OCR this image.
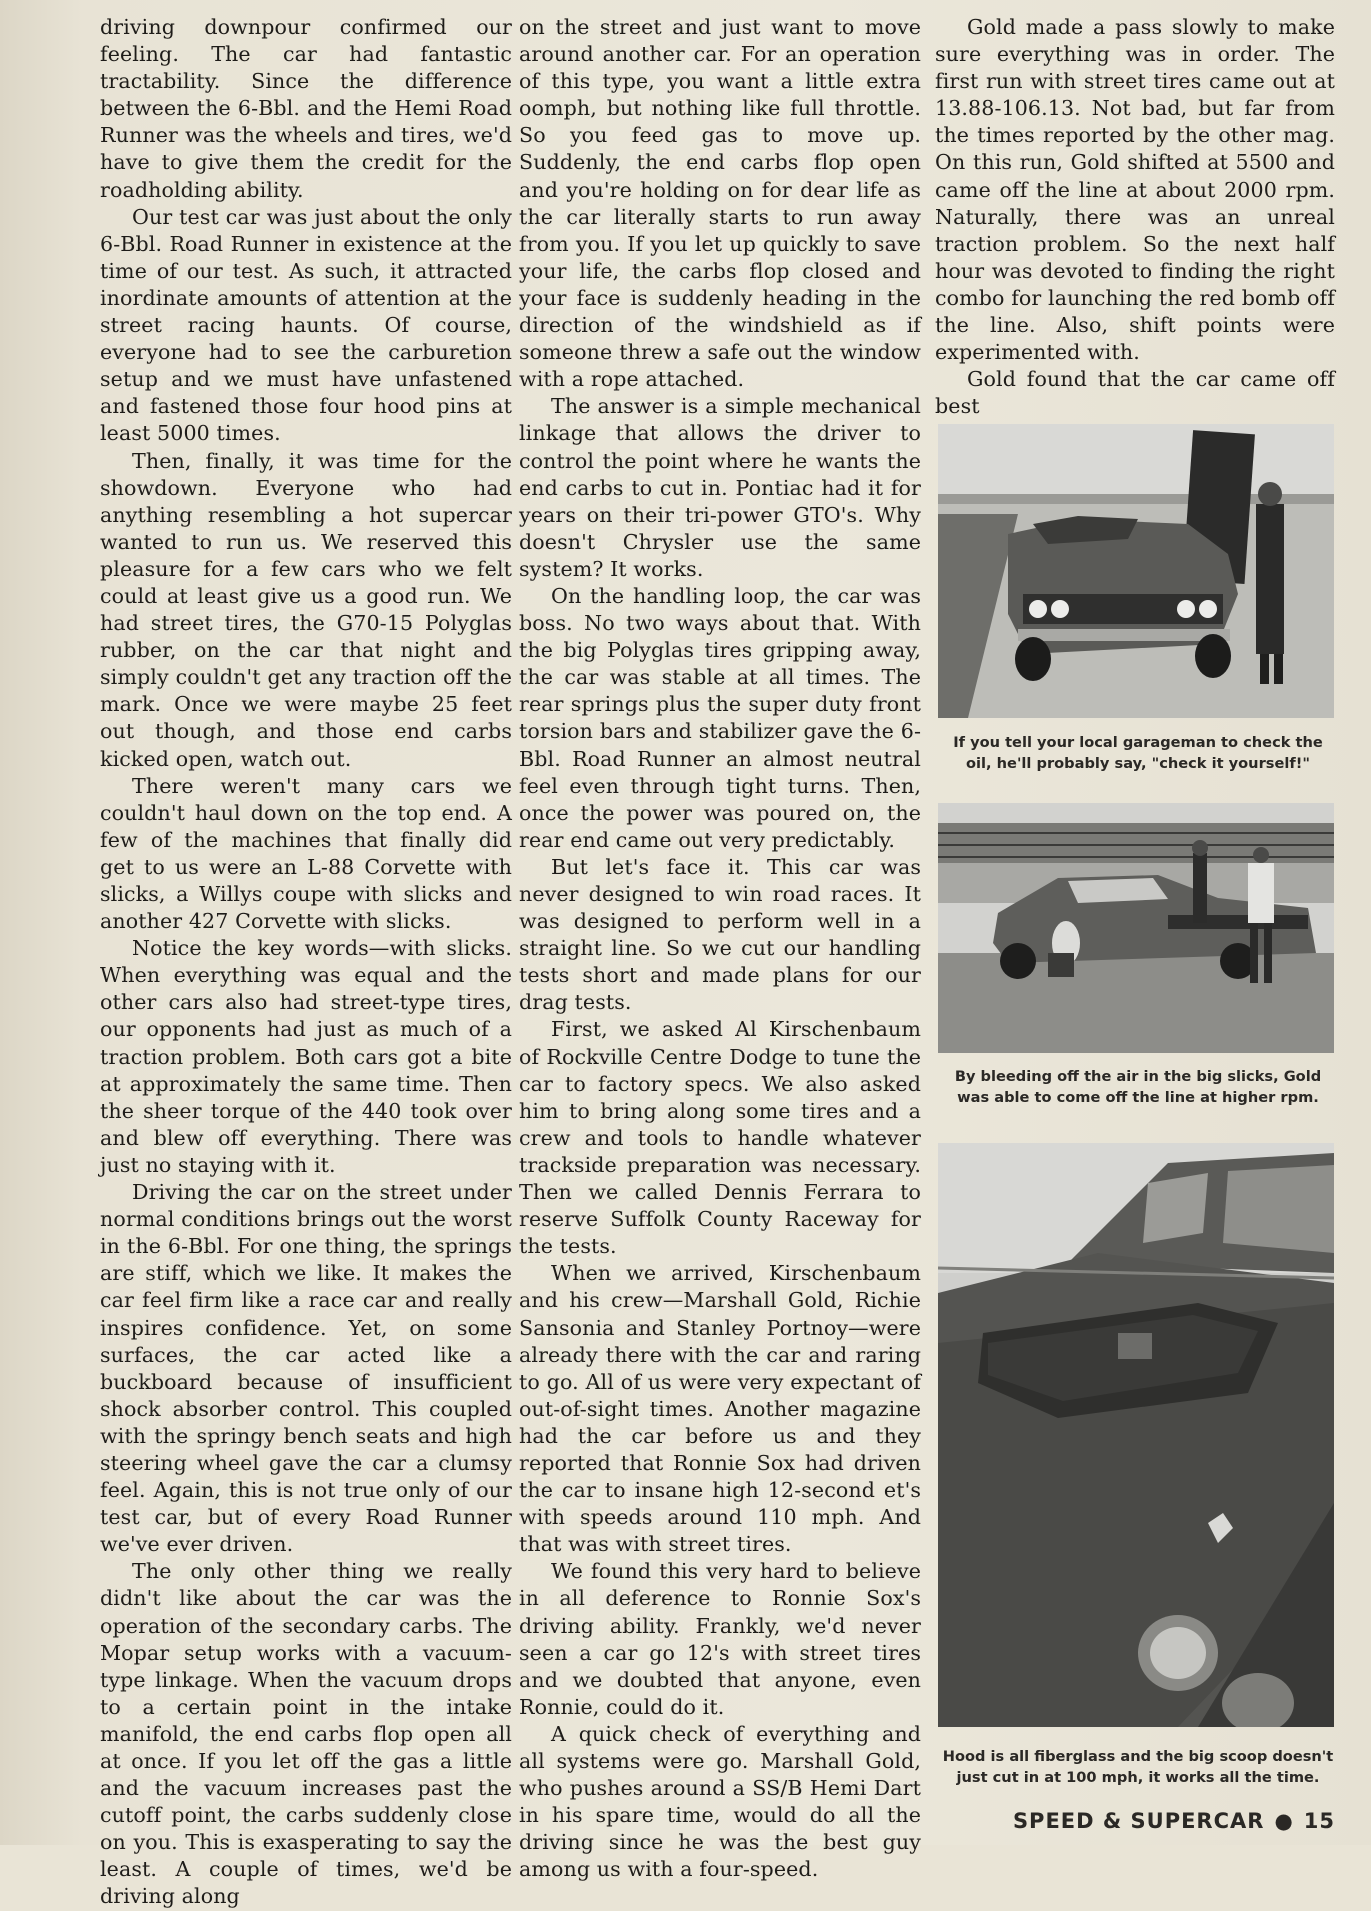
driving downpour confirmed our feeling. The car had fantastic tractability. Since the difference between the 6-Bbl. and the Hemi Road Runner was the wheels and tires, we'd have to give them the credit for the roadholding ability.

Our test car was just about the only 6-Bbl. Road Runner in existence at the time of our test. As such, it attracted inordinate amounts of attention at the street racing haunts. Of course, everyone had to see the carburetion setup and we must have unfastened and fastened those four hood pins at least 5000 times.

Then, finally, it was time for the showdown. Everyone who had anything resembling a hot supercar wanted to run us. We reserved this pleasure for a few cars who we felt could at least give us a good run. We had street tires, the G70-15 Polyglas rubber, on the car that night and simply couldn't get any traction off the mark. Once we were maybe 25 feet out though, and those end carbs kicked open, watch out.

There weren't many cars we couldn't haul down on the top end. A few of the machines that finally did get to us were an L-88 Corvette with slicks, a Willys coupe with slicks and another 427 Corvette with slicks.

Notice the key words—with slicks. When everything was equal and the other cars also had street-type tires, our opponents had just as much of a traction problem. Both cars got a bite at approximately the same time. Then the sheer torque of the 440 took over and blew off everything. There was just no staying with it.

Driving the car on the street under normal conditions brings out the worst in the 6-Bbl. For one thing, the springs are stiff, which we like. It makes the car feel firm like a race car and really inspires confidence. Yet, on some surfaces, the car acted like a buckboard because of insufficient shock absorber control. This coupled with the springy bench seats and high steering wheel gave the car a clumsy feel. Again, this is not true only of our test car, but of every Road Runner we've ever driven.

The only other thing we really didn't like about the car was the operation of the secondary carbs. The Mopar setup works with a vacuum-type linkage. When the vacuum drops to a certain point in the intake manifold, the end carbs flop open all at once. If you let off the gas a little and the vacuum increases past the cutoff point, the carbs suddenly close on you. This is exasperating to say the least. A couple of times, we'd be driving along

on the street and just want to move around another car. For an operation of this type, you want a little extra oomph, but nothing like full throttle. So you feed gas to move up. Suddenly, the end carbs flop open and you're holding on for dear life as the car literally starts to run away from you. If you let up quickly to save your life, the carbs flop closed and your face is suddenly heading in the direction of the windshield as if someone threw a safe out the window with a rope attached.

The answer is a simple mechanical linkage that allows the driver to control the point where he wants the end carbs to cut in. Pontiac had it for years on their tri-power GTO's. Why doesn't Chrysler use the same system? It works.

On the handling loop, the car was boss. No two ways about that. With the big Polyglas tires gripping away, the car was stable at all times. The rear springs plus the super duty front torsion bars and stabilizer gave the 6-Bbl. Road Runner an almost neutral feel even through tight turns. Then, once the power was poured on, the rear end came out very predictably.

But let's face it. This car was never designed to win road races. It was designed to perform well in a straight line. So we cut our handling tests short and made plans for our drag tests.

First, we asked Al Kirschenbaum of Rockville Centre Dodge to tune the car to factory specs. We also asked him to bring along some tires and a crew and tools to handle whatever trackside preparation was necessary. Then we called Dennis Ferrara to reserve Suffolk County Raceway for the tests.

When we arrived, Kirschenbaum and his crew—Marshall Gold, Richie Sansonia and Stanley Portnoy—were already there with the car and raring to go. All of us were very expectant of out-of-sight times. Another magazine had the car before us and they reported that Ronnie Sox had driven the car to insane high 12-second et's with speeds around 110 mph. And that was with street tires.

We found this very hard to believe in all deference to Ronnie Sox's driving ability. Frankly, we'd never seen a car go 12's with street tires and we doubted that anyone, even Ronnie, could do it.

A quick check of everything and all systems were go. Marshall Gold, who pushes around a SS/B Hemi Dart in his spare time, would do all the driving since he was the best guy among us with a four-speed.

Gold made a pass slowly to make sure everything was in order. The first run with street tires came out at 13.88-106.13. Not bad, but far from the times reported by the other mag. On this run, Gold shifted at 5500 and came off the line at about 2000 rpm. Naturally, there was an unreal traction problem. So the next half hour was devoted to finding the right combo for launching the red bomb off the line. Also, shift points were experimented with.

Gold found that the car came off best

If you tell your local garageman to check the oil, he'll probably say, "check it yourself!"
By bleeding off the air in the big slicks, Gold was able to come off the line at higher rpm.
Hood is all fiberglass and the big scoop doesn't just cut in at 100 mph, it works all the time.
SPEED & SUPERCAR ● 15
